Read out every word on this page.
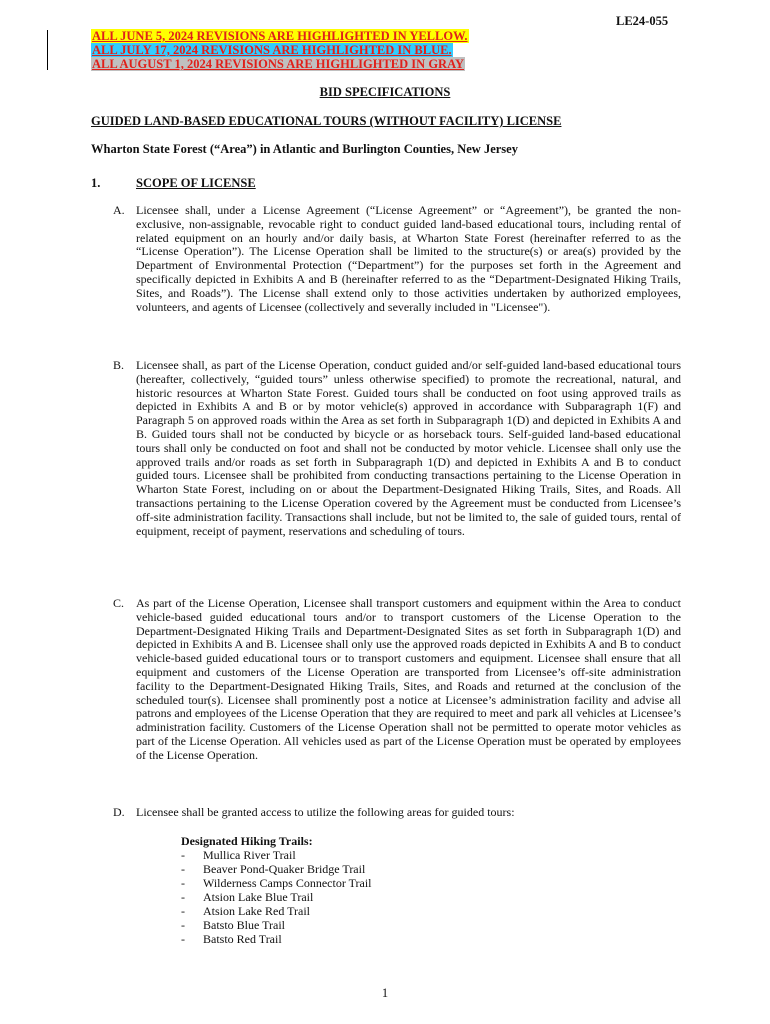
LE24-055
ALL JUNE 5, 2024 REVISIONS ARE HIGHLIGHTED IN YELLOW.
ALL JULY 17, 2024 REVISIONS ARE HIGHLIGHTED IN BLUE.
ALL AUGUST 1, 2024 REVISIONS ARE HIGHLIGHTED IN GRAY
BID SPECIFICATIONS
GUIDED LAND-BASED EDUCATIONAL TOURS (WITHOUT FACILITY) LICENSE
Wharton State Forest (“Area”) in Atlantic and Burlington Counties, New Jersey
1.	SCOPE OF LICENSE
A. Licensee shall, under a License Agreement (“License Agreement” or “Agreement”), be granted the non-exclusive, non-assignable, revocable right to conduct guided land-based educational tours, including rental of related equipment on an hourly and/or daily basis, at Wharton State Forest (hereinafter referred to as the “License Operation”). The License Operation shall be limited to the structure(s) or area(s) provided by the Department of Environmental Protection (“Department”) for the purposes set forth in the Agreement and specifically depicted in Exhibits A and B (hereinafter referred to as the “Department-Designated Hiking Trails, Sites, and Roads”). The License shall extend only to those activities undertaken by authorized employees, volunteers, and agents of Licensee (collectively and severally included in "Licensee").
B. Licensee shall, as part of the License Operation, conduct guided and/or self-guided land-based educational tours (hereafter, collectively, “guided tours” unless otherwise specified) to promote the recreational, natural, and historic resources at Wharton State Forest. Guided tours shall be conducted on foot using approved trails as depicted in Exhibits A and B or by motor vehicle(s) approved in accordance with Subparagraph 1(F) and Paragraph 5 on approved roads within the Area as set forth in Subparagraph 1(D) and depicted in Exhibits A and B. Guided tours shall not be conducted by bicycle or as horseback tours. Self-guided land-based educational tours shall only be conducted on foot and shall not be conducted by motor vehicle. Licensee shall only use the approved trails and/or roads as set forth in Subparagraph 1(D) and depicted in Exhibits A and B to conduct guided tours. Licensee shall be prohibited from conducting transactions pertaining to the License Operation in Wharton State Forest, including on or about the Department-Designated Hiking Trails, Sites, and Roads. All transactions pertaining to the License Operation covered by the Agreement must be conducted from Licensee’s off-site administration facility. Transactions shall include, but not be limited to, the sale of guided tours, rental of equipment, receipt of payment, reservations and scheduling of tours.
C. As part of the License Operation, Licensee shall transport customers and equipment within the Area to conduct vehicle-based guided educational tours and/or to transport customers of the License Operation to the Department-Designated Hiking Trails and Department-Designated Sites as set forth in Subparagraph 1(D) and depicted in Exhibits A and B. Licensee shall only use the approved roads depicted in Exhibits A and B to conduct vehicle-based guided educational tours or to transport customers and equipment. Licensee shall ensure that all equipment and customers of the License Operation are transported from Licensee’s off-site administration facility to the Department-Designated Hiking Trails, Sites, and Roads and returned at the conclusion of the scheduled tour(s). Licensee shall prominently post a notice at Licensee’s administration facility and advise all patrons and employees of the License Operation that they are required to meet and park all vehicles at Licensee’s administration facility. Customers of the License Operation shall not be permitted to operate motor vehicles as part of the License Operation. All vehicles used as part of the License Operation must be operated by employees of the License Operation.
D. Licensee shall be granted access to utilize the following areas for guided tours:
Designated Hiking Trails:
-	Mullica River Trail
-	Beaver Pond-Quaker Bridge Trail
-	Wilderness Camps Connector Trail
-	Atsion Lake Blue Trail
-	Atsion Lake Red Trail
-	Batsto Blue Trail
-	Batsto Red Trail
1
